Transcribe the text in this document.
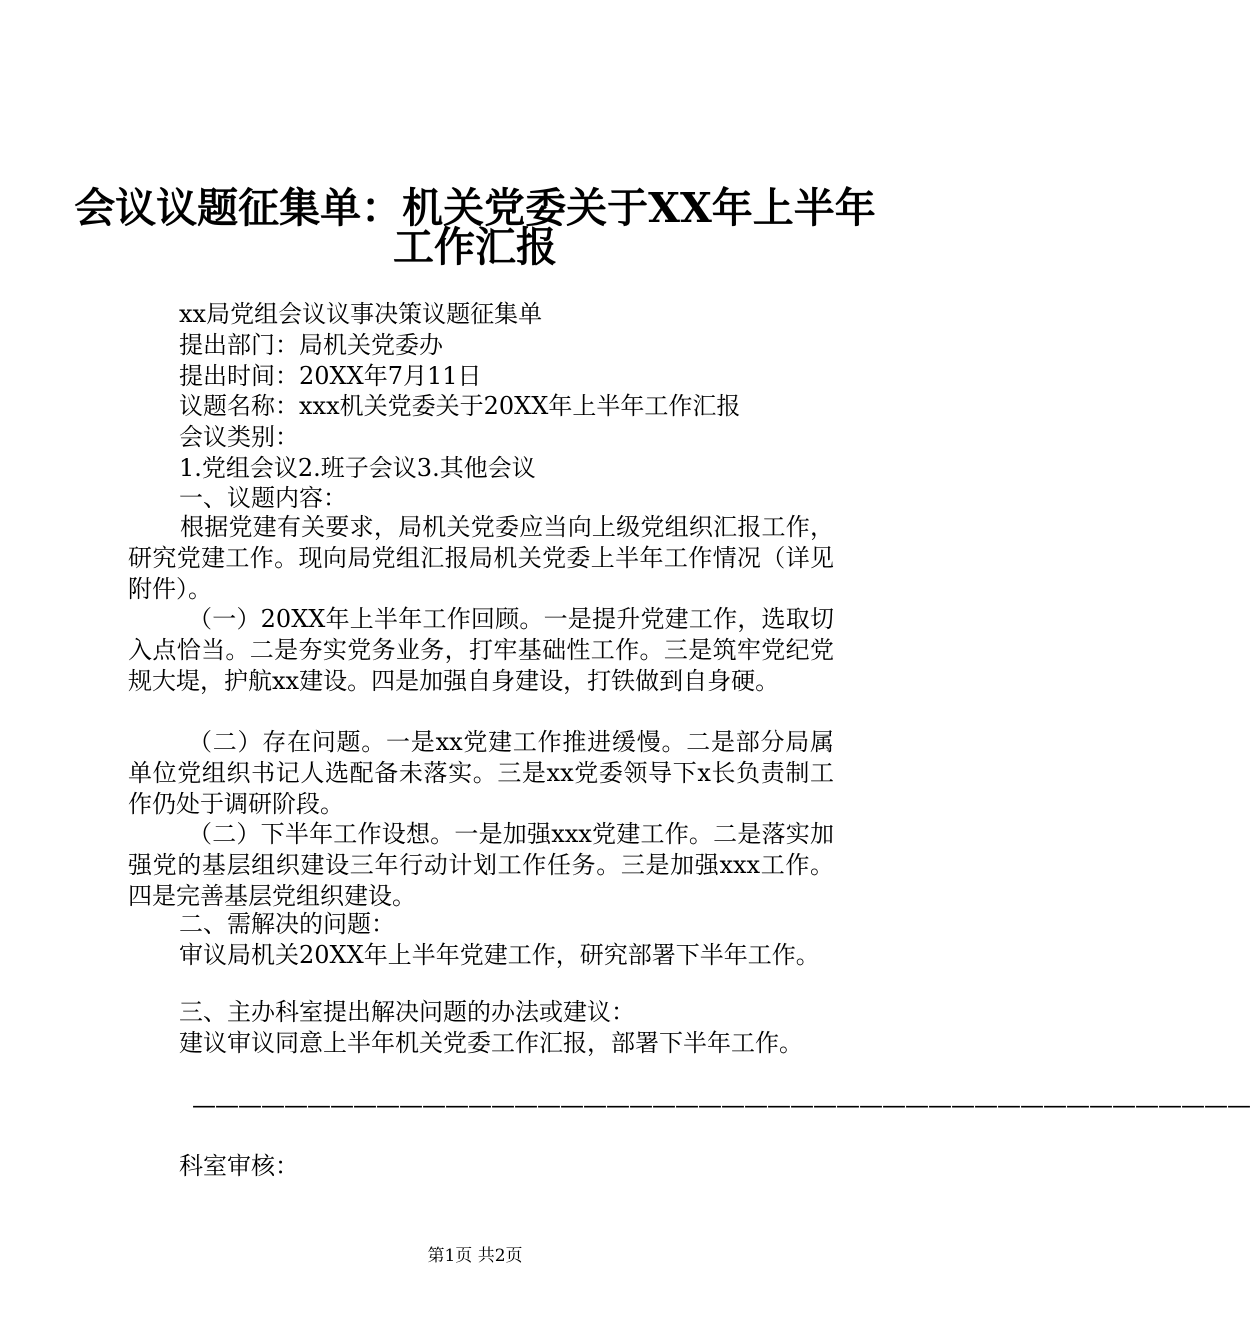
会议议题征集单：机关党委关于XX年上半年
工作汇报

xx局党组会议议事决策议题征集单

提出部门：局机关党委办

提出时间：20XX年7月11日

议题名称：xxx机关党委关于20XX年上半年工作汇报

会议类别：

1.党组会议2.班子会议3.其他会议

一、议题内容：

根据党建有关要求，局机关党委应当向上级党组织汇报工作，研究党建工作。现向局党组汇报局机关党委上半年工作情况（详见附件）。

（一）20XX年上半年工作回顾。一是提升党建工作，选取切入点恰当。二是夯实党务业务，打牢基础性工作。三是筑牢党纪党规大堤，护航xx建设。四是加强自身建设，打铁做到自身硬。

（二）存在问题。一是xx党建工作推进缓慢。二是部分局属单位党组织书记人选配备未落实。三是xx党委领导下x长负责制工作仍处于调研阶段。

（二）下半年工作设想。一是加强xxx党建工作。二是落实加强党的基层组织建设三年行动计划工作任务。三是加强xxx工作。四是完善基层党组织建设。

二、需解决的问题：

审议局机关20XX年上半年党建工作，研究部署下半年工作。

三、主办科室提出解决问题的办法或建议：

建议审议同意上半年机关党委工作汇报，部署下半年工作。

——————————————————————————————————————————————

科室审核：

第1页 共2页
